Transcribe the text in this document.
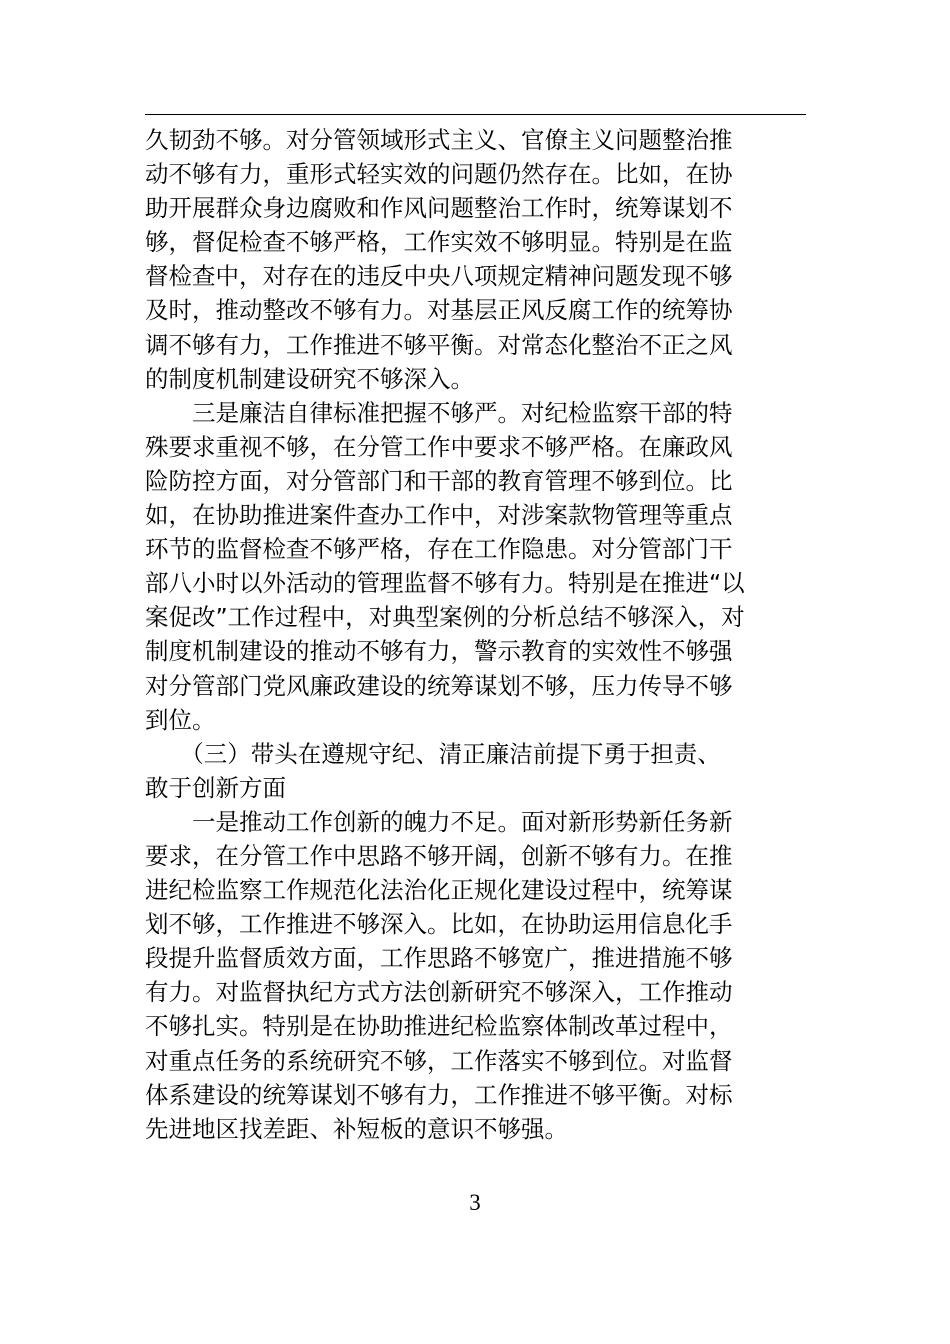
久韧劲不够。对分管领域形式主义、官僚主义问题整治推
动不够有力，重形式轻实效的问题仍然存在。比如，在协
助开展群众身边腐败和作风问题整治工作时，统筹谋划不
够，督促检查不够严格，工作实效不够明显。特别是在监
督检查中，对存在的违反中央八项规定精神问题发现不够
及时，推动整改不够有力。对基层正风反腐工作的统筹协
调不够有力，工作推进不够平衡。对常态化整治不正之风
的制度机制建设研究不够深入。
　　三是廉洁自律标准把握不够严。对纪检监察干部的特
殊要求重视不够，在分管工作中要求不够严格。在廉政风
险防控方面，对分管部门和干部的教育管理不够到位。比
如，在协助推进案件查办工作中，对涉案款物管理等重点
环节的监督检查不够严格，存在工作隐患。对分管部门干
部八小时以外活动的管理监督不够有力。特别是在推进“以
案促改”工作过程中，对典型案例的分析总结不够深入，对
制度机制建设的推动不够有力，警示教育的实效性不够强
对分管部门党风廉政建设的统筹谋划不够，压力传导不够
到位。
　　（三）带头在遵规守纪、清正廉洁前提下勇于担责、
敢于创新方面
　　一是推动工作创新的魄力不足。面对新形势新任务新
要求，在分管工作中思路不够开阔，创新不够有力。在推
进纪检监察工作规范化法治化正规化建设过程中，统筹谋
划不够，工作推进不够深入。比如，在协助运用信息化手
段提升监督质效方面，工作思路不够宽广，推进措施不够
有力。对监督执纪方式方法创新研究不够深入，工作推动
不够扎实。特别是在协助推进纪检监察体制改革过程中，
对重点任务的系统研究不够，工作落实不够到位。对监督
体系建设的统筹谋划不够有力，工作推进不够平衡。对标
先进地区找差距、补短板的意识不够强。
3
